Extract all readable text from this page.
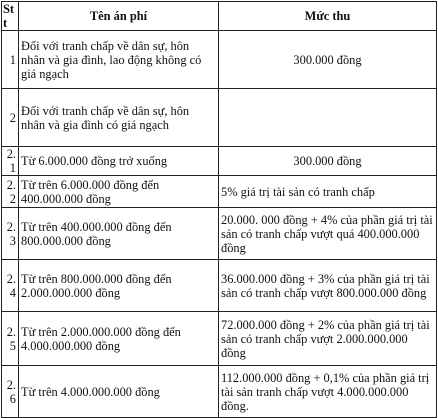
Stt	Tên án phí	Mức thu
1	Đối với tranh chấp về dân sự, hôn nhân và gia đình, lao động không có giá ngạch	300.000 đồng
2	Đối với tranh chấp về dân sự, hôn nhân và gia đình có giá ngạch	
2.1	Từ 6.000.000 đồng trở xuống	300.000 đồng
2.2	Từ trên 6.000.000 đồng đến 400.000.000 đồng	5% giá trị tài sản có tranh chấp
2.3	Từ trên 400.000.000 đồng đến 800.000.000 đồng	20.000. 000 đồng + 4% của phần giá trị tài sản có tranh chấp vượt quá 400.000.000 đồng
2.4	Từ trên 800.000.000 đồng đến 2.000.000.000 đồng	36.000.000 đồng + 3% của phần giá trị tài sản có tranh chấp vượt 800.000.000 đồng
2.5	Từ trên 2.000.000.000 đồng đến 4.000.000.000 đồng	72.000.000 đồng + 2% của phần giá trị tài sản có tranh chấp vượt 2.000.000.000 đồng
2.6	Từ trên 4.000.000.000 đồng	112.000.000 đồng + 0,1% của phần giá trị tài sản tranh chấp vượt 4.000.000.000 đồng.
